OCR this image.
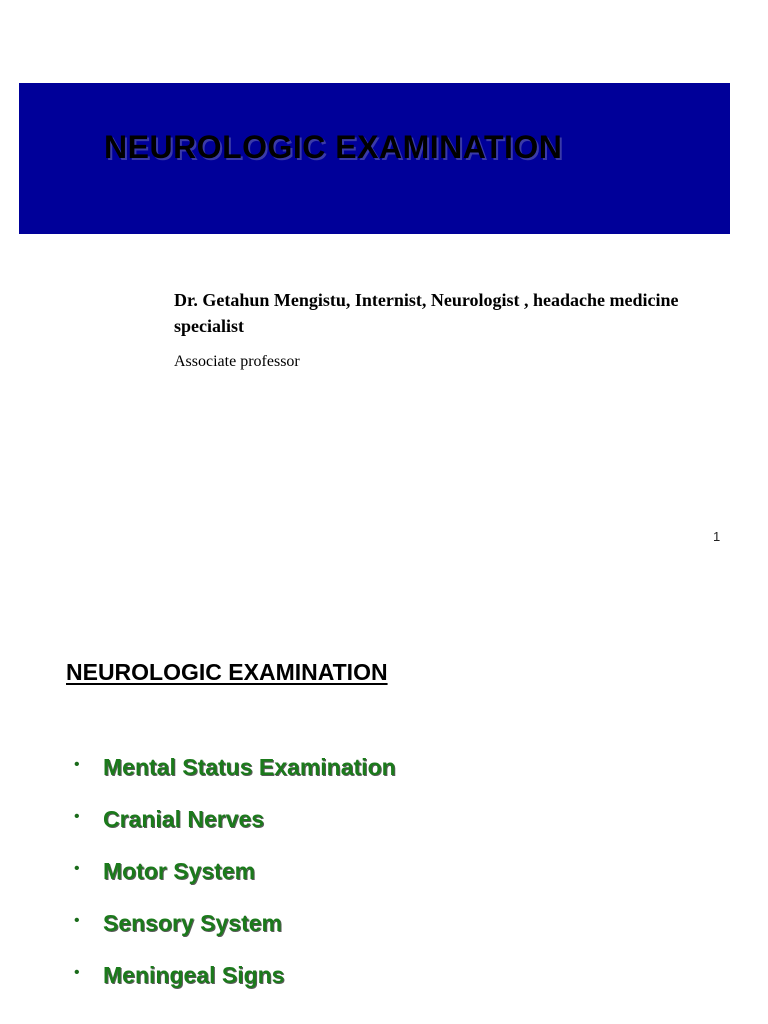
NEUROLOGIC EXAMINATION

Dr. Getahun Mengistu, Internist, Neurologist , headache medicine specialist

Associate professor

1
NEUROLOGIC EXAMINATION
• Mental Status Examination
• Cranial Nerves
• Motor System
• Sensory System
• Meningeal Signs
